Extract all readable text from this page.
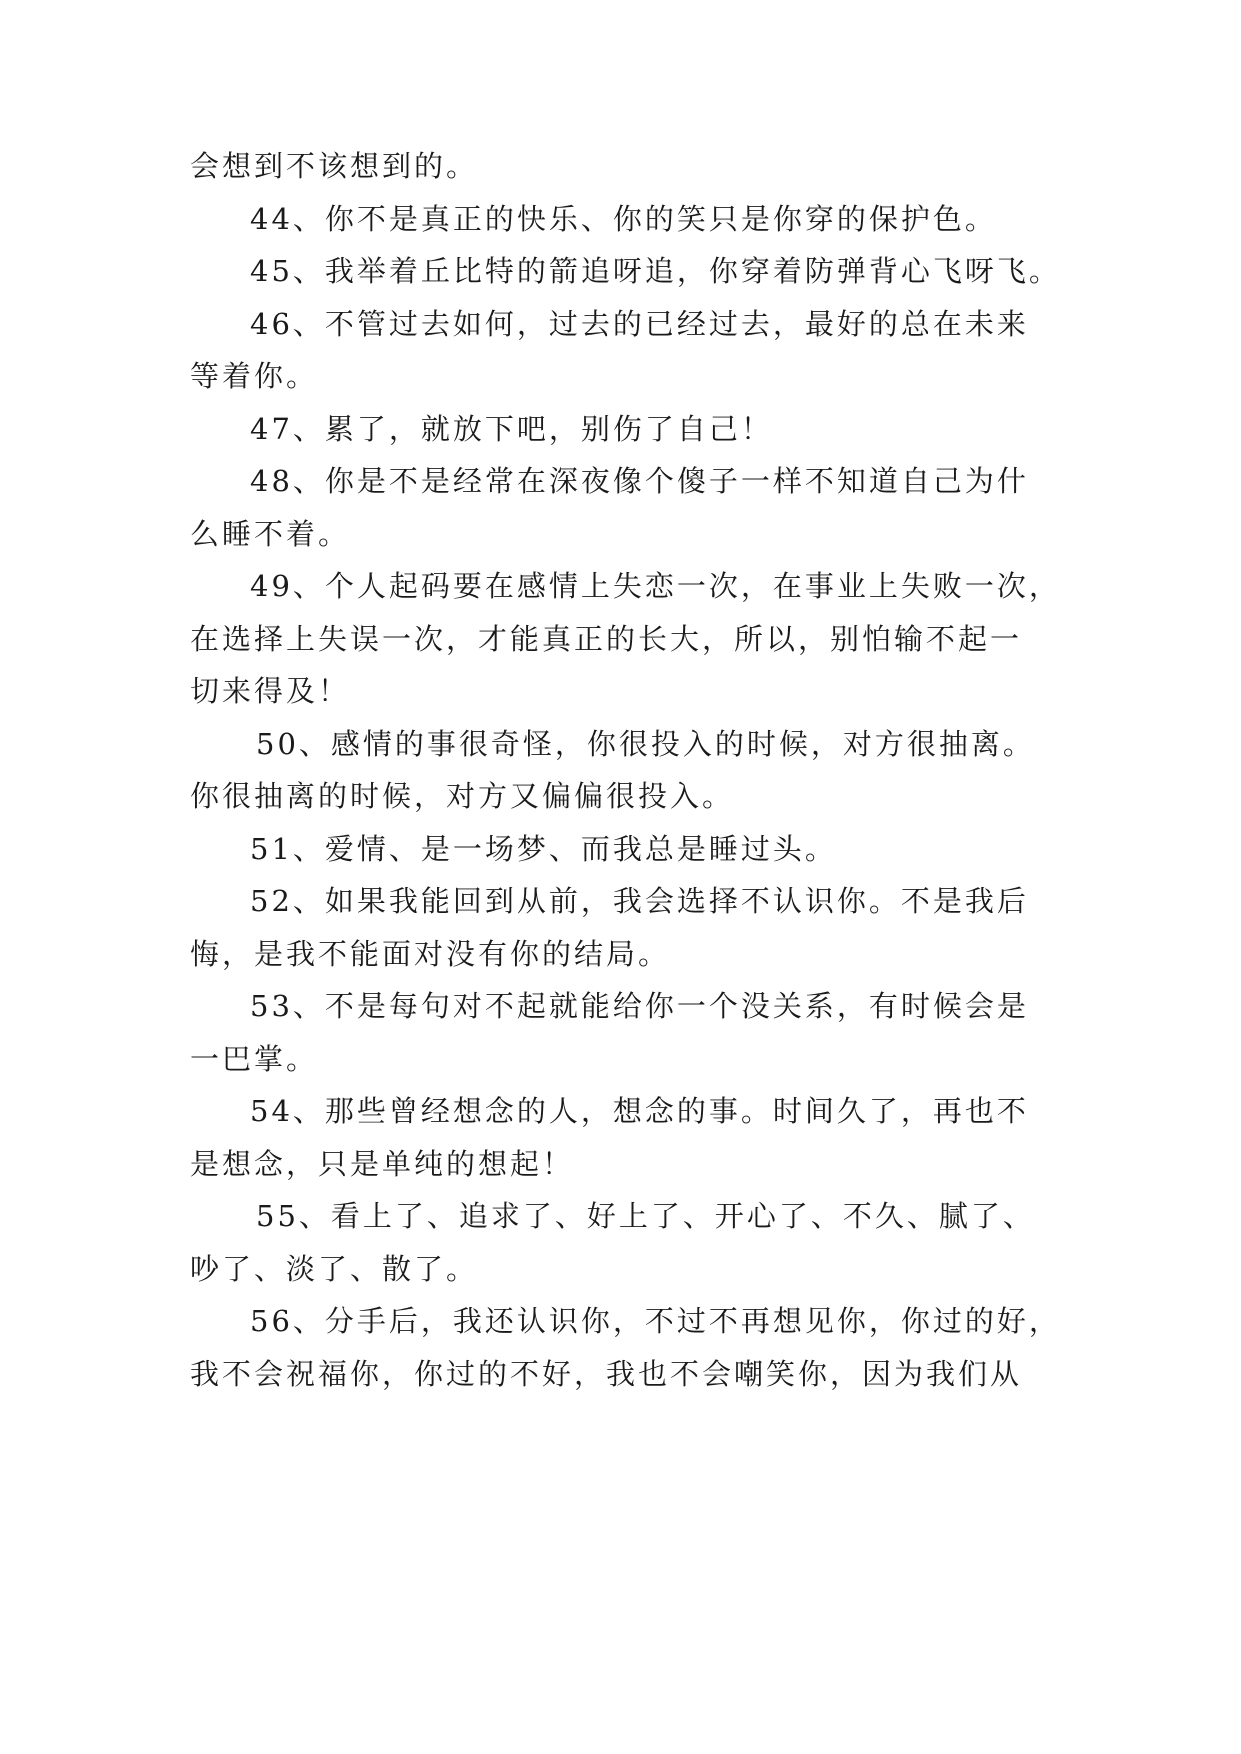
会想到不该想到的。
44、你不是真正的快乐、你的笑只是你穿的保护色。
45、我举着丘比特的箭追呀追，你穿着防弹背心飞呀飞。
46、不管过去如何，过去的已经过去，最好的总在未来
等着你。
47、累了，就放下吧，别伤了自己！
48、你是不是经常在深夜像个傻子一样不知道自己为什
么睡不着。
49、个人起码要在感情上失恋一次，在事业上失败一次，
在选择上失误一次，才能真正的长大，所以，别怕输不起一
切来得及！
50、感情的事很奇怪，你很投入的时候，对方很抽离。
你很抽离的时候，对方又偏偏很投入。
51、爱情、是一场梦、而我总是睡过头。
52、如果我能回到从前，我会选择不认识你。不是我后
悔，是我不能面对没有你的结局。
53、不是每句对不起就能给你一个没关系，有时候会是
一巴掌。
54、那些曾经想念的人，想念的事。时间久了，再也不
是想念，只是单纯的想起！
55、看上了、追求了、好上了、开心了、不久、腻了、
吵了、淡了、散了。
56、分手后，我还认识你，不过不再想见你，你过的好，
我不会祝福你，你过的不好，我也不会嘲笑你，因为我们从
